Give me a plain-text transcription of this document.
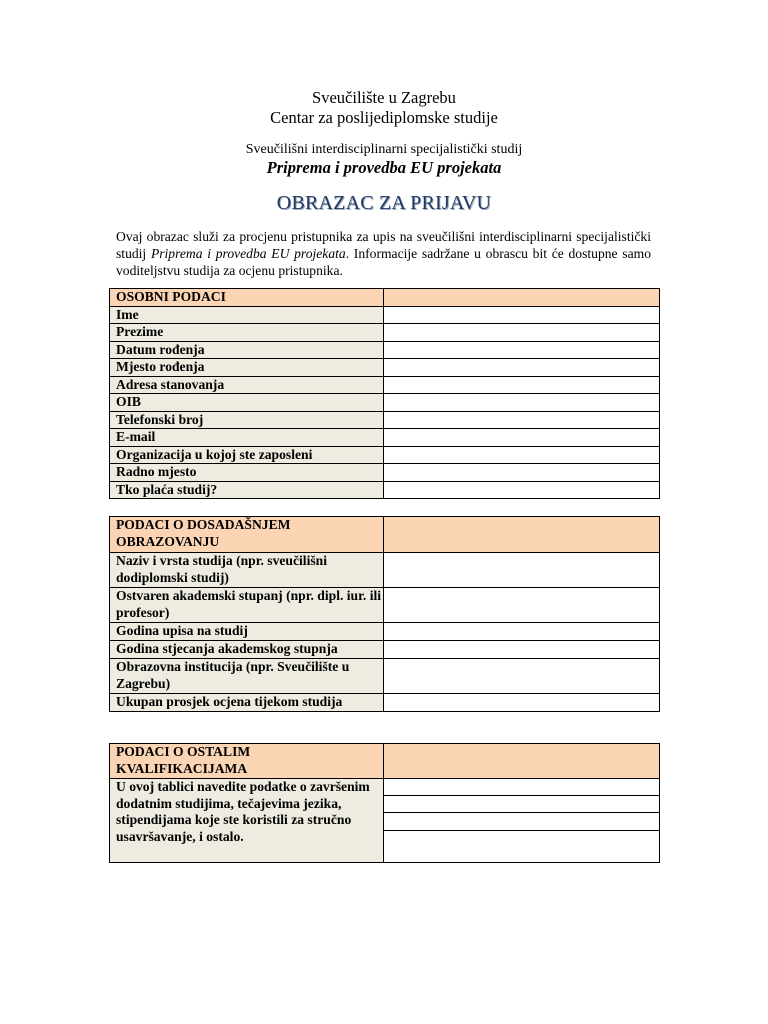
Sveučilište u Zagrebu
Centar za poslijediplomske studije
Sveučilišni interdisciplinarni specijalistički studij
Priprema i provedba EU projekata
OBRAZAC ZA PRIJAVU
Ovaj obrazac služi za procjenu pristupnika za upis na sveučilišni interdisciplinarni specijalistički studij Priprema i provedba EU projekata. Informacije sadržane u obrascu bit će dostupne samo voditeljstvu studija za ocjenu pristupnika.
OSOBNI PODACI	
Ime	
Prezime	
Datum rođenja	
Mjesto rođenja	
Adresa stanovanja	
OIB	
Telefonski broj	
E-mail	
Organizacija u kojoj ste zaposleni	
Radno mjesto	
Tko plaća studij?	
PODACI O DOSADAŠNJEM OBRAZOVANJU	
Naziv i vrsta studija (npr. sveučilišni dodiplomski studij)	
Ostvaren akademski stupanj (npr. dipl. iur. ili profesor)	
Godina upisa na studij	
Godina stjecanja akademskog stupnja	
Obrazovna institucija (npr. Sveučilište u Zagrebu)	
Ukupan prosjek ocjena tijekom studija	
PODACI O OSTALIM KVALIFIKACIJAMA	
U ovoj tablici navedite podatke o završenim dodatnim studijima, tečajevima jezika, stipendijama koje ste koristili za stručno usavršavanje, i ostalo.	
